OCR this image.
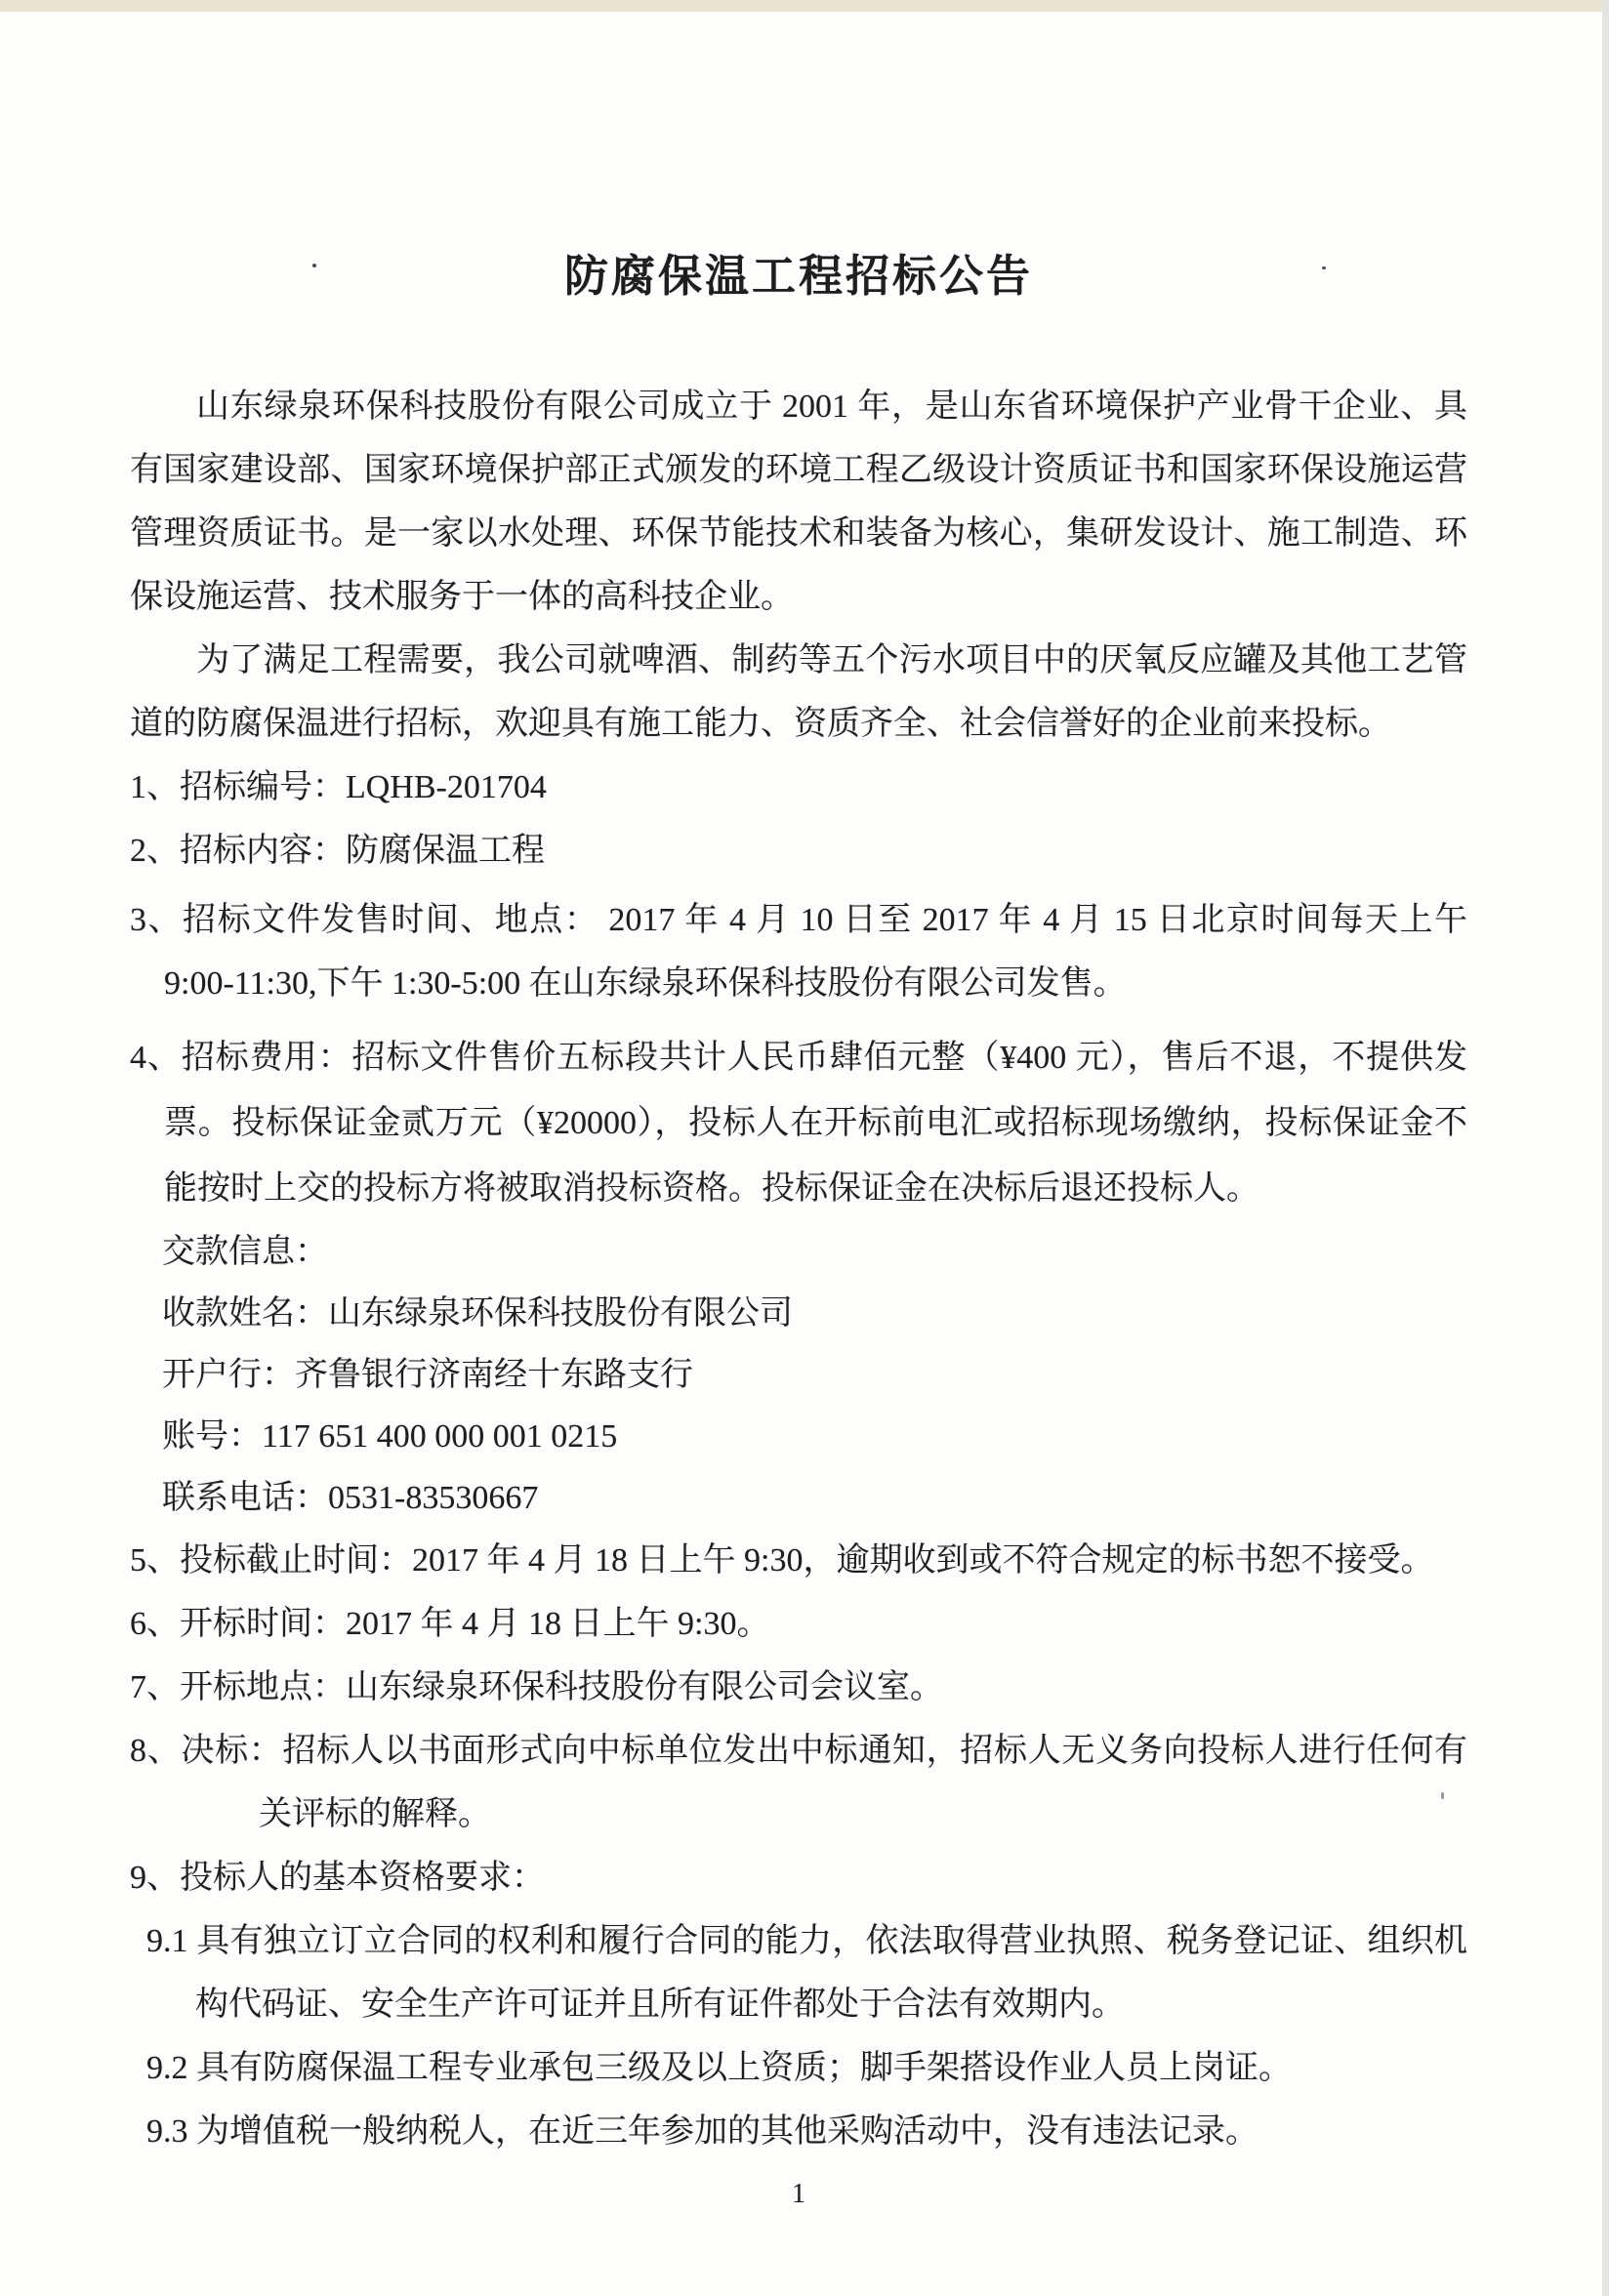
防腐保温工程招标公告

山东绿泉环保科技股份有限公司成立于 2001 年，是山东省环境保护产业骨干企业、具有国家建设部、国家环境保护部正式颁发的环境工程乙级设计资质证书和国家环保设施运营管理资质证书。是一家以水处理、环保节能技术和装备为核心，集研发设计、施工制造、环保设施运营、技术服务于一体的高科技企业。

为了满足工程需要，我公司就啤酒、制药等五个污水项目中的厌氧反应罐及其他工艺管道的防腐保温进行招标，欢迎具有施工能力、资质齐全、社会信誉好的企业前来投标。

1、招标编号：LQHB-201704

2、招标内容：防腐保温工程

3、招标文件发售时间、地点： 2017 年 4 月 10 日至 2017 年 4 月 15 日北京时间每天上午 9:00-11:30,下午 1:30-5:00 在山东绿泉环保科技股份有限公司发售。

4、招标费用：招标文件售价五标段共计人民币肆佰元整（¥400 元），售后不退，不提供发票。投标保证金贰万元（¥20000），投标人在开标前电汇或招标现场缴纳，投标保证金不能按时上交的投标方将被取消投标资格。投标保证金在决标后退还投标人。

交款信息：

收款姓名：山东绿泉环保科技股份有限公司

开户行：齐鲁银行济南经十东路支行

账号：117 651 400 000 001 0215

联系电话：0531-83530667

5、投标截止时间：2017 年 4 月 18 日上午 9:30，逾期收到或不符合规定的标书恕不接受。

6、开标时间：2017 年 4 月 18 日上午 9:30。

7、开标地点：山东绿泉环保科技股份有限公司会议室。

8、决标：招标人以书面形式向中标单位发出中标通知，招标人无义务向投标人进行任何有关评标的解释。

9、投标人的基本资格要求：

9.1 具有独立订立合同的权利和履行合同的能力，依法取得营业执照、税务登记证、组织机构代码证、安全生产许可证并且所有证件都处于合法有效期内。

9.2 具有防腐保温工程专业承包三级及以上资质；脚手架搭设作业人员上岗证。

9.3 为增值税一般纳税人，在近三年参加的其他采购活动中，没有违法记录。

1
